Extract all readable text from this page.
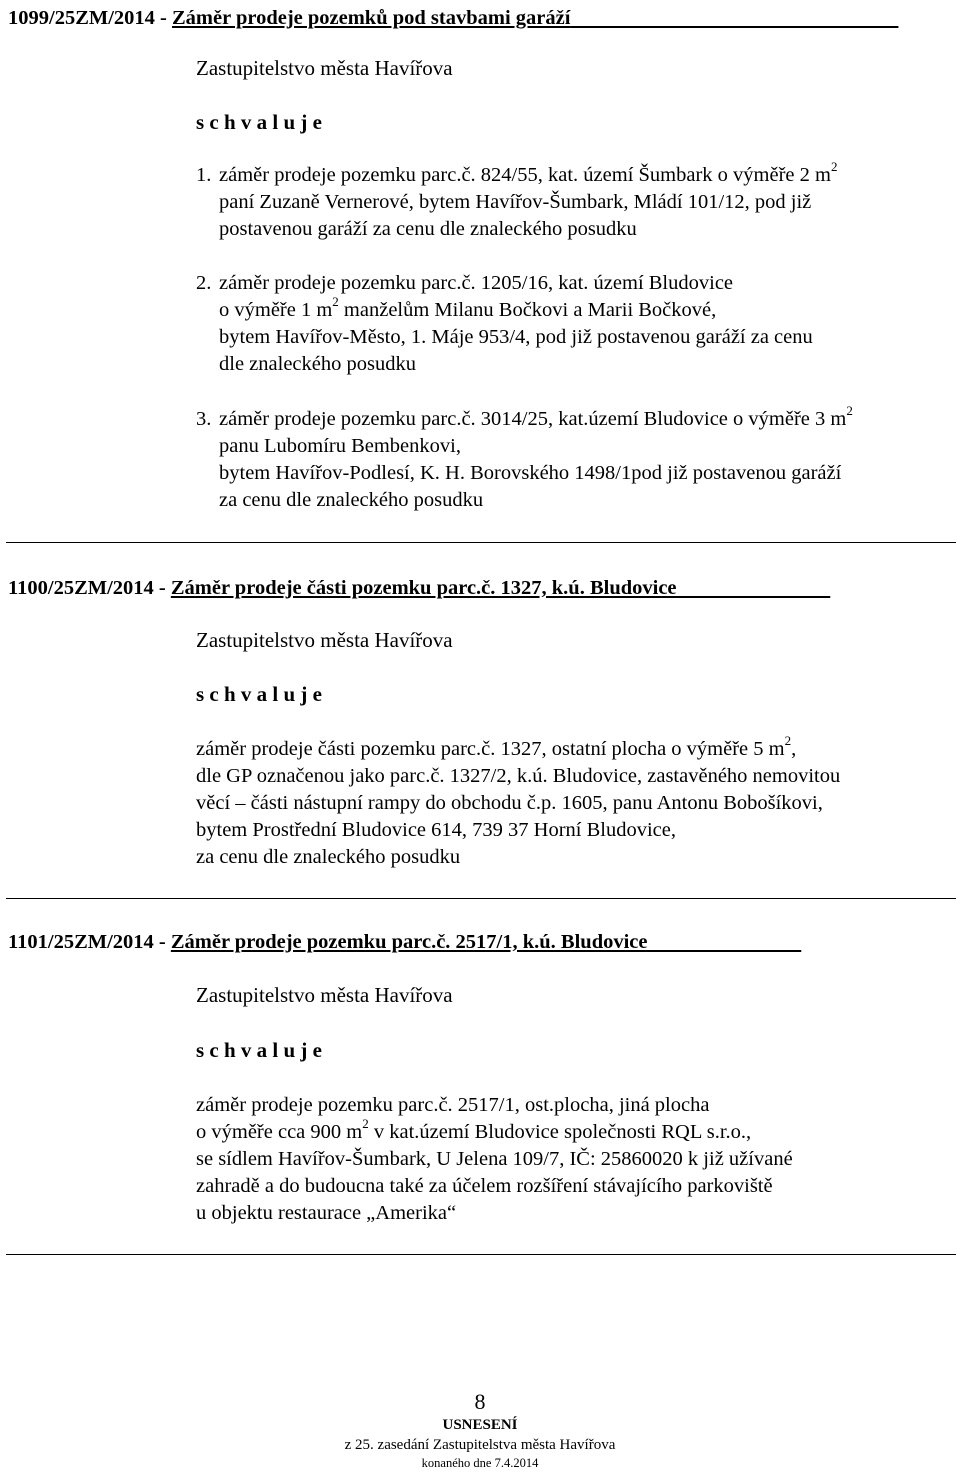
1099/25ZM/2014 - Záměr prodeje pozemků pod stavbami garáží
Zastupitelstvo města Havířova
s c h v a l u j e
1. záměr prodeje pozemku parc.č. 824/55, kat. území Šumbark o výměře 2 $m^2$
paní Zuzaně Vernerové, bytem Havířov-Šumbark, Mládí 101/12, pod již
postavenou garáží za cenu dle znaleckého posudku
2. záměr prodeje pozemku parc.č. 1205/16, kat. území Bludovice
o výměře 1 $m^2$ manželům Milanu Bočkovi a Marii Bočkové,
bytem Havířov-Město, 1. Máje 953/4, pod již postavenou garáží za cenu
dle znaleckého posudku
3. záměr prodeje pozemku parc.č. 3014/25, kat.území Bludovice o výměře 3 $m^2$
panu Lubomíru Bembenkovi,
bytem Havířov-Podlesí, K. H. Borovského 1498/1pod již postavenou garáží
za cenu dle znaleckého posudku
1100/25ZM/2014 - Záměr prodeje části pozemku parc.č. 1327, k.ú. Bludovice
Zastupitelstvo města Havířova
s c h v a l u j e
záměr prodeje části pozemku parc.č. 1327, ostatní plocha o výměře 5 $m^2$,
dle GP označenou jako parc.č. 1327/2, k.ú. Bludovice, zastavěného nemovitou
věcí – části nástupní rampy do obchodu č.p. 1605, panu Antonu Bobošíkovi,
bytem Prostřední Bludovice 614, 739 37 Horní Bludovice,
za cenu dle znaleckého posudku
1101/25ZM/2014 - Záměr prodeje pozemku parc.č. 2517/1, k.ú. Bludovice
Zastupitelstvo města Havířova
s c h v a l u j e
záměr prodeje pozemku parc.č. 2517/1, ost.plocha, jiná plocha
o výměře cca 900 $m^2$ v kat.území Bludovice společnosti RQL s.r.o.,
se sídlem Havířov-Šumbark, U Jelena 109/7, IČ: 25860020 k již užívané
zahradě a do budoucna také za účelem rozšíření stávajícího parkoviště
u objektu restaurace „Amerika“
8
USNESENÍ
z 25. zasedání Zastupitelstva města Havířova
konaného dne 7.4.2014
